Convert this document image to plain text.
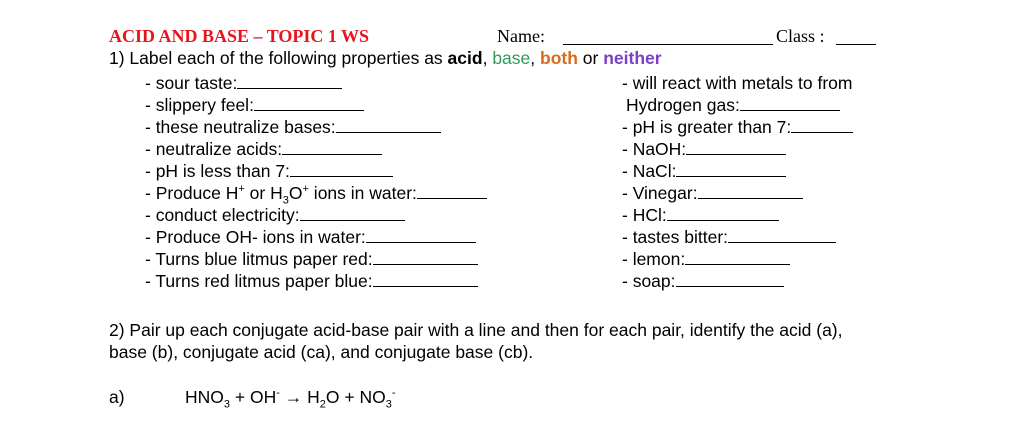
ACID AND BASE – TOPIC 1 WS	Name:	Class :
1) Label each of the following properties as acid, base, both or neither
- sour taste:
- slippery feel:
- these neutralize bases:
- neutralize acids:
- pH is less than 7:
- Produce H+ or $H_3O^+$ ions in water:
- conduct electricity:
- Produce OH- ions in water:
- Turns blue litmus paper red:
- Turns red litmus paper blue:
- will react with metals to from
Hydrogen gas:
- pH is greater than 7:
- NaOH:
- NaCl:
- Vinegar:
- HCl:
- tastes bitter:
- lemon:
- soap:
2) Pair up each conjugate acid-base pair with a line and then for each pair, identify the acid (a),
base (b), conjugate acid (ca), and conjugate base (cb).
a)	$HNO_3 + OH^- \to H_2O + NO_3^-$
